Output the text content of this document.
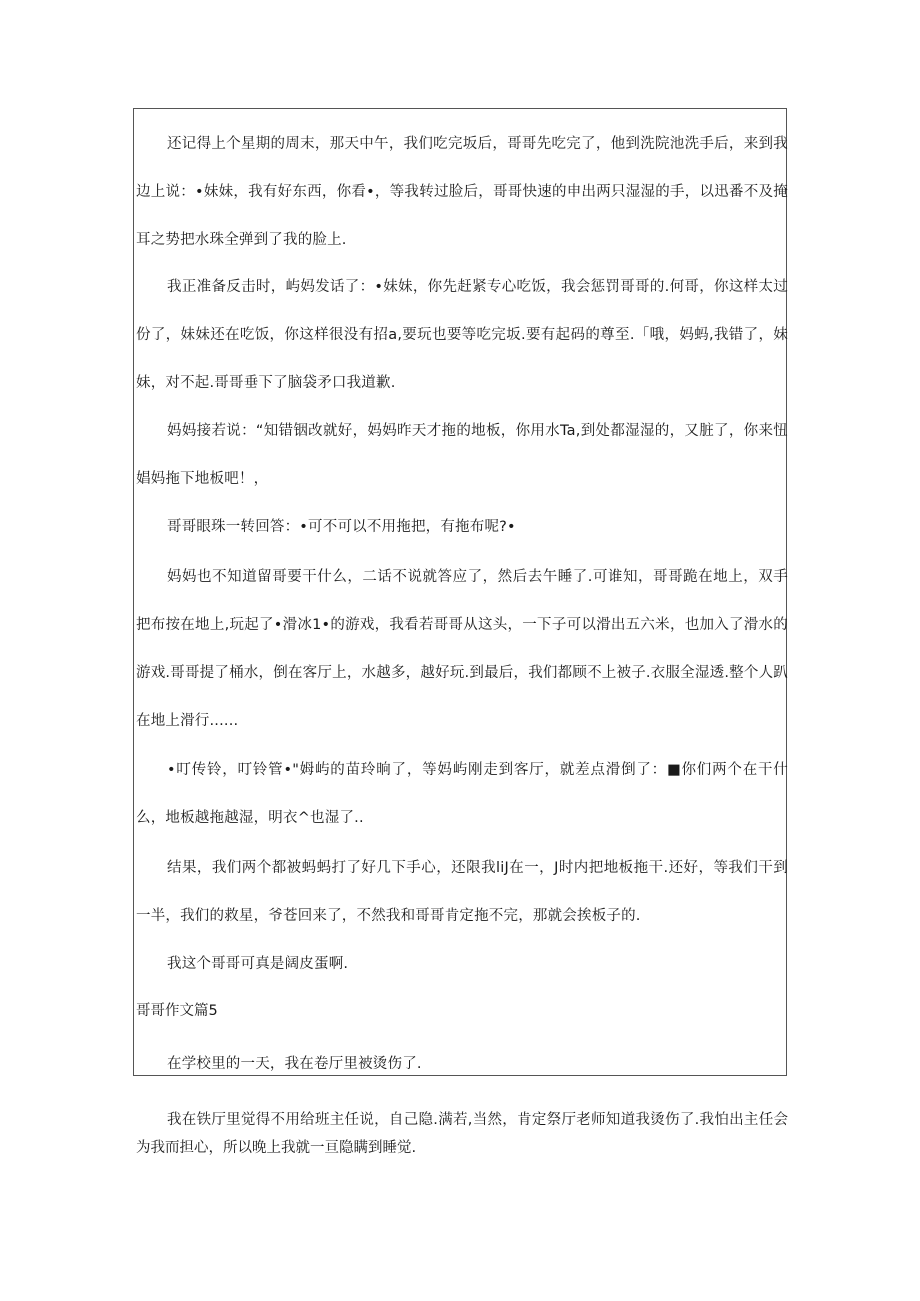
还记得上个星期的周末，那天中午，我们吃完坂后，哥哥先吃完了，他到洗院池洗手后，来到我边上说：•妹妹，我有好东西，你看•，等我转过脸后，哥哥快速的申出两只湿湿的手，以迅番不及掩耳之势把水珠全弹到了我的脸上.

我正准备反击时，屿妈发话了：•妹妹，你先赶紧专心吃饭，我会惩罚哥哥的.何哥，你这样太过份了，妹妹还在吃饭，你这样很没有招a,要玩也要等吃完坂.要有起码的尊至.「哦，妈蚂,我错了，妹妹，对不起.哥哥垂下了脑袋矛口我道歉.

妈妈接若说：“知错铟改就好，妈妈昨天才拖的地板，你用水Ta,到处都湿湿的，又脏了，你来忸娼妈拖下地板吧！，

哥哥眼珠一转回答：•可不可以不用拖把，有拖布呢?•

妈妈也不知道留哥要干什么，二话不说就答应了，然后去午睡了.可谁知，哥哥跪在地上，双手把布按在地上,玩起了•滑冰1•的游戏，我看若哥哥从这头，一下子可以滑出五六米，也加入了滑水的游戏.哥哥提了桶水，倒在客厅上，水越多，越好玩.到最后，我们都顾不上被子.衣服全湿透.整个人趴在地上滑行......

•叮传铃，叮铃管•"姆屿的苗玲晌了，等妈屿刚走到客厅，就差点滑倒了：■你们两个在干什么，地板越拖越湿，明衣^也湿了..

结果，我们两个都被蚂蚂打了好几下手心，还限我liJ在一，J时内把地板拖干.还好，等我们干到一半，我们的救星，爷苍回来了，不然我和哥哥肯定拖不完，那就会挨板子的.

我这个哥哥可真是阔皮蛋啊.

哥哥作文篇5

在学校里的一天，我在卷厅里被烫伤了.

我在铁厅里觉得不用给班主任说，自己隐.满若,当然，肯定祭厅老师知道我烫伤了.我怕出主任会为我而担心，所以晚上我就一亘隐瞒到睡觉.
